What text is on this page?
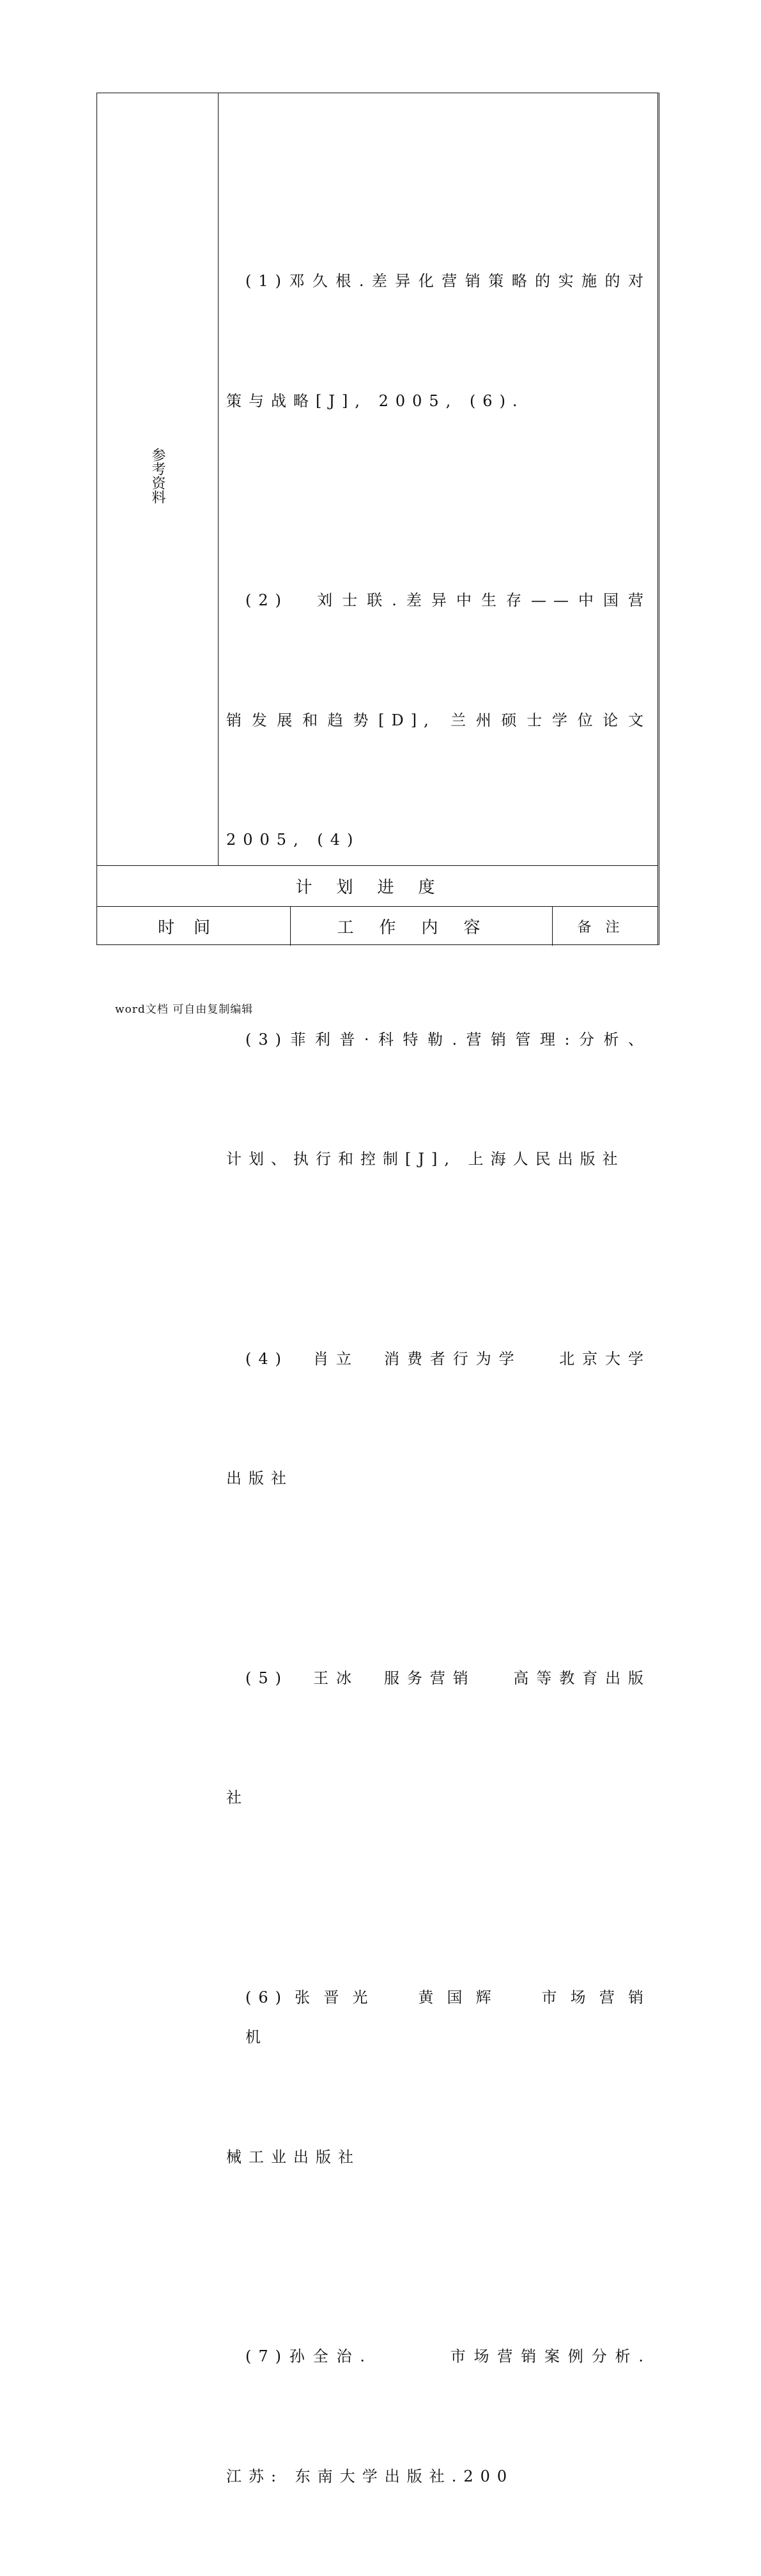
参考资料

(1)邓久根.差异化营销策略的实施的对

策与战略[J], 2005, (6).

(2)  刘士联.差异中生存——中国营

销发展和趋势[D], 兰州硕士学位论文

2005, (4)

(3)菲利普·科特勒.营销管理:分析、

计划、执行和控制[J], 上海人民出版社

(4)  肖立  消费者行为学   北京大学

出版社

(5)  王冰  服务营销   高等教育出版

社

(6)张晋光  黄国辉  市场营销      机

械工业出版社

(7)孙全治.      市场营销案例分析.

江苏: 东南大学出版社.200

计划进度
时间	工作内容	备注
word文档 可自由复制编辑
